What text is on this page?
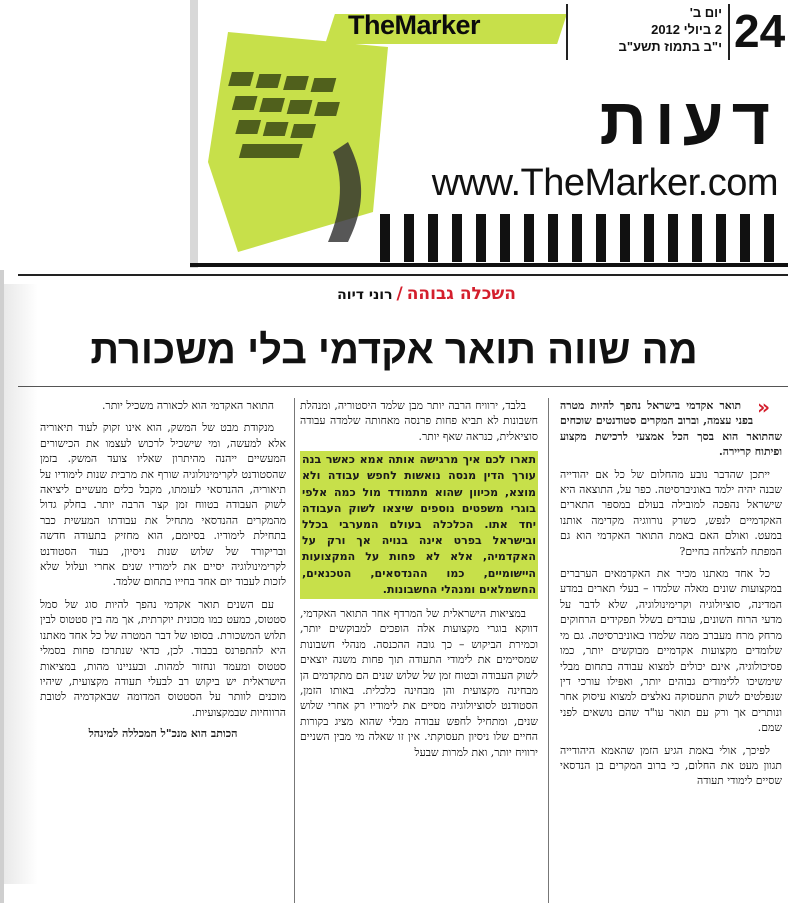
TheMarker	יום ב'
2 ביולי 2012
י"ב בתמוז תשע"ב 24
דעות
www.TheMarker.com
השכלה גבוהה/רוני דיוה
מה שווה תואר אקדמי בלי משכורת

«
תואר אקדמי בישראל נהפך להיות מטרה בפני עצמה, וברוב המקרים סטודנטים שוכחים שהתואר הוא בסך הכל אמצעי לרכישת מקצוע ופיתוח קריירה.

ייתכן שהדבר נובע מהחלום של כל אם יהודייה שבנה יהיה ילמד באוניברסיטה. כפר על, התוצאה היא שישראל נהפכה למובילה בעולם במספר התארים האקדמיים לנפש, כשרק נורווגיה מקדימה אותנו במעט. ואולם האם באמת התואר האקדמי הוא גם המפתח להצלחה בחיים?

כל אחד מאתנו מכיר את האקדמאים הערברים במקצועות שונים מאלה שלמדו – בעלי תארים במדע המדינה, סוציולוגיה וקרימינולוגיה, שלא לדבר על מדעי הרוח השונים, עובדים בשלל תפקידים הרחוקים מרחק מרח מעברב ממה שלמדו באוניברסיטה. גם מי שלומדים מקצועות אקדמיים מבוקשים יותר, כמו פסיכולוגיה, אינם יכולים למצוא עבודה בתחום מבלי שימשיכו ללימודים גבוהים יותר, ואפילו עורכי דין שנפלטים לשוק התעסוקה נאלצים למצוא עיסוק אחר ונותרים אך ורק עם תואר עו"ד שהם נושאים לפני שמם.

לפיכך, אולי באמת הגיע הזמן שהאמא היהודייה תגוון מעט את החלום, כי ברוב המקרים בן הנדסאי שסיים לימודי תעודה

בלבד, ירוויח הרבה יותר מבן שלמד היסטוריה, ומנהלת חשבונות לא תביא פחות פרנסה מאחותה שלמדה עבודה סוציאלית, כנראה שאף יותר.

תארו לכם איך מרגישה אותה אמא כאשר בנה עורך הדין מנסה נואשות לחפש עבודה ולא מוצא, מכיוון שהוא מתמודד מול כמה אלפי בוגרי משפטים נוספים שיצאו לשוק העבודה יחד אתו. הכלכלה בעולם המערבי בכלל ובישראל בפרט אינה בנויה אך ורק על האקדמיה, אלא לא פחות על המקצועות היישומיים, כמו ההנדסאים, הטכנאים, החשמלאים ומנהלי החשבונות.

במציאות הישראלית של המרדף אחר התואר האקדמי, דווקא בוגרי מקצועות אלה הופכים למבוקשים יותר, וכמירת הביקוש – כך גובה ההכנסה. מנהלי חשבונות שמסיימים את לימודי התעודה תוך פחות משנה יוצאים לשוק העבודה ובטוח זמן של שלוש שנים הם מתקדמים הן מבחינה מקצועית והן מבחינה כלכלית. באותו הזמן, הסטודנט לסוציולוגיה מסיים את לימודיו רק אחרי שלוש שנים, ומתחיל לחפש עבודה מבלי שהוא מציג בקורות החיים שלו ניסיון תעסוקתי. אין זו שאלה מי מבין השניים ירוויח יותר, ואת למרות שבעל

התואר האקדמי הוא לכאורה משכיל יותר.

מנקודת מבט של המשק, הוא אינו זקוק לעוד תיאוריה אלא למעשה, ומי שישכיל לרכוש לעצמו את הכישורים המעשיים ייהנה מהיתרון שאליו צועד המשק. בזמן שהסטודנט לקרימינולוגיה שורף את מרבית שנות לימודיו על תיאוריה, ההנדסאי לעומתו, מקבל כלים מעשיים ליציאה לשוק העבודה בטווח זמן קצר הרבה יותר. בחלק גדול מהמקרים ההנדסאי מתחיל את עבודתו המעשית כבר בתחילת לימודיו. בסיומם, הוא מחזיק בתעודה חדשה ובריקורד של שלוש שנות ניסיון, בעוד הסטודנט לקרימינולוגיה יסיים את לימודיו שנים אחרי ועלול שלא לזכות לעבוד יום אחד בחייו בתחום שלמד.

עם השנים תואר אקדמי נהפך להיות סוג של סמל סטטוס, כמעט כמו מכונית יוקרתית, אך מה בין סטטוס לבין תלוש המשכורת. בסופו של דבר המטרה של כל אחד מאתנו היא להתפרנס בכבוד. לכן, כדאי שנתרכז פחות בסמלי סטטוס ומעמד ונחזור למהות. ובעניינו מהות, במציאות הישראלית יש ביקוש רב לבעלי תעודה מקצועית, שיהיו מוכנים לוותר על הסטטוס המדומה שבאקדמיה לטובת הרווחיות שבמקצועיות.

הכותב הוא מנכ"ל המכללה למינהל
